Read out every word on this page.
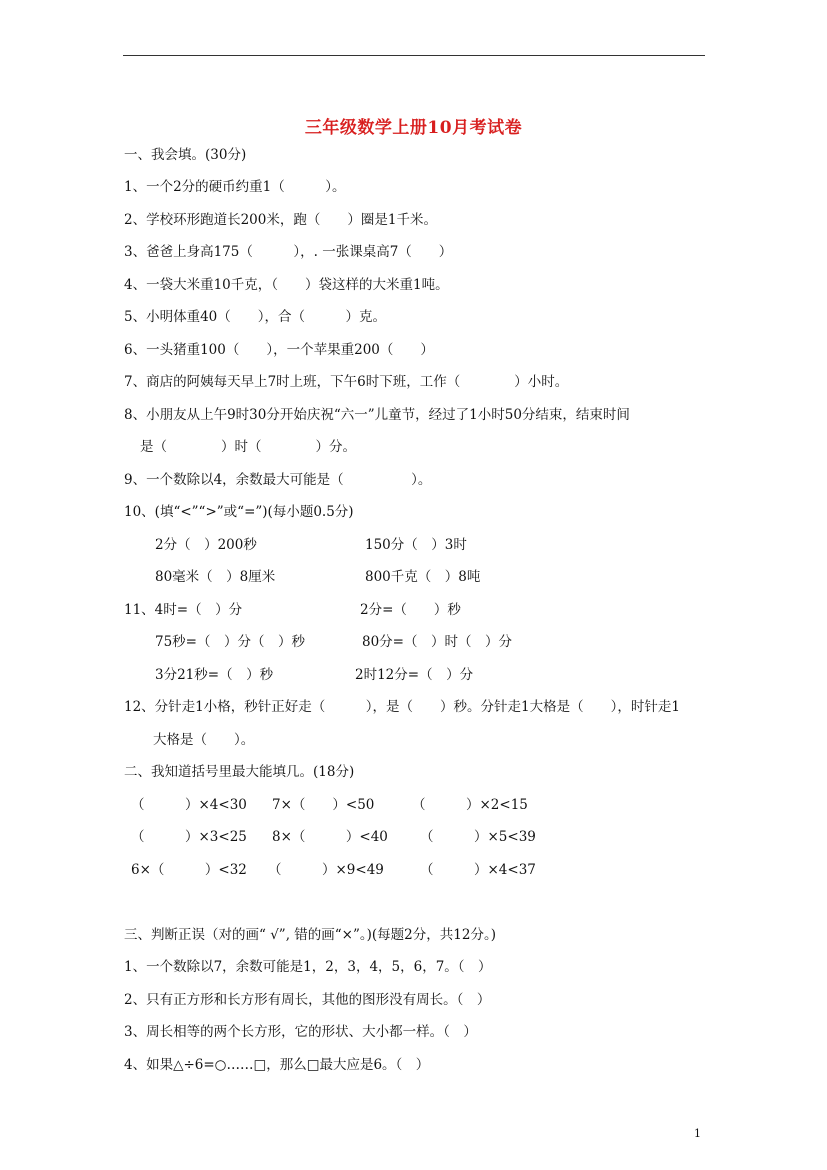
三年级数学上册10月考试卷
一、我会填。(30分)
1、一个2分的硬币约重1（　　　）。
2、学校环形跑道长200米，跑（　　）圈是1千米。
3、爸爸上身高175（　　　），. 一张课桌高7（　　）
4、一袋大米重10千克，（　　）袋这样的大米重1吨。
5、小明体重40（　　），合（　　　）克。
6、一头猪重100（　　），一个苹果重200（　　）
7、商店的阿姨每天早上7时上班，下午6时下班，工作（　　　　）小时。
8、小朋友从上午9时30分开始庆祝“六一”儿童节，经过了1小时50分结束，结束时间
是（　　　　）时（　　　　）分。
9、一个数除以4，余数最大可能是（　　　　　）。
10、(填“<”“>”或“=”)(每小题0.5分)
2分（　）200秒	150分（　）3时
80毫米（　）8厘米	800千克（　）8吨
11、4时=（　）分	2分=（　　）秒
75秒=（　）分（　）秒	80分=（　）时（　）分
3分21秒=（　）秒	2时12分=（　）分
12、分针走1小格，秒针正好走（　　　），是（　　）秒。分针走1大格是（　　），时针走1
大格是（　　）。
二、我知道括号里最大能填几。(18分)
（　　　）×4<30 7×（　　）<50	（　　　）×2<15
（　　　）×3<25 8×（　　　）<40 （　　　）×5<39
6×（　　　）<32 （　　　）×9<49	（　　　）×4<37
三、判断正误（对的画“ √”, 错的画“×”。)(每题2分，共12分。)
1、一个数除以7，余数可能是1，2，3，4，5，6，7。（　）
2、只有正方形和长方形有周长，其他的图形没有周长。（　）
3、周长相等的两个长方形，它的形状、大小都一样。（　）
4、如果△÷6=○……□，那么□最大应是6。（　）
1
